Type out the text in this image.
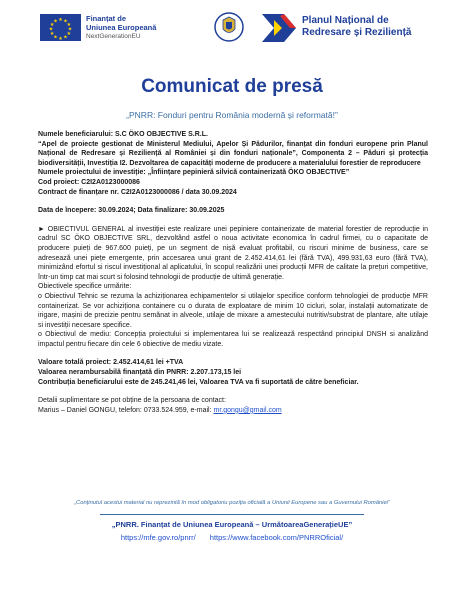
★ ★
★
★
★
★
★
★
★
★
★
★	Finanțat de
Uniunea Europeană
NextGenerationEU
Planul Național de
Redresare și Reziliență
Comunicat de presă
„PNRR: Fonduri pentru România modernă și reformată!”

Numele beneficiarului: S.C ÖKO OBJECTIVE S.R.L.

“Apel de proiecte gestionat de Ministerul Mediului, Apelor Și Pădurilor, finanțat din fonduri europene prin Planul Național de Redresare și Reziliență al României și din fonduri naționale”, Componenta 2 – Păduri și protecția biodiversității, Investiția I2. Dezvoltarea de capacități moderne de producere a materialului forestier de reproducere

Numele proiectului de investiție: „Înființare pepinieră silvică containerizată ÖKO OBJECTIVE”

Cod proiect: C2I2A0123000086

Contract de finanțare nr. C2I2A0123000086 / data 30.09.2024

Data de începere: 30.09.2024; Data finalizare: 30.09.2025

► OBIECTIVUL GENERAL al investiției este realizare unei pepiniere containerizate de material forestier de reproducție in cadrul SC ÖKO OBJECTIVE SRL, dezvoltând astfel o noua activitate economica în cadrul firmei, cu o capacitate de producere puieți de 967.600 puieți, pe un segment de nișă evaluat profitabil, cu riscuri minime de business, care se adresează unei piețe emergente, prin accesarea unui grant de 2.452.414,61 lei (fără TVA), 499.931,63 euro (fără TVA), minimizând efortul si riscul investițional al aplicatului, în scopul realizării unei producții MFR de calitate la prețuri competitive, într-un timp cat mai scurt si folosind tehnologii de producție de ultimă generație.

Obiectivele specifice urmărite:

o Obiectivul Tehnic se rezuma la achiziționarea echipamentelor si utilajelor specifice conform tehnologiei de producție MFR containerizat. Se vor achiziționa containere cu o durata de exploatare de minim 10 cicluri, solar, instalații automatizate de irigare, mașini de precizie pentru semănat in alveole, utilaje de mixare a amestecului nutritiv/substrat de plantare, alte utilaje si investiții necesare specifice.

o Obiectivul de mediu: Concepția proiectului si implementarea lui se realizează respectând principiul DNSH si analizând impactul pentru fiecare din cele 6 obiective de mediu vizate.

Valoare totală proiect: 2.452.414,61 lei +TVA

Valoarea nerambursabilă finanțată din PNRR: 2.207.173,15 lei

Contribuția beneficiarului este de 245.241,46 lei, Valoarea TVA va fi suportată de către beneficiar.

Detalii suplimentare se pot obține de la persoana de contact:

Marius – Daniel GONGU, telefon: 0733.524.959, e-mail: mr.gongu@gmail.com

„Conținutul acestui material nu reprezintă în mod obligatoriu poziția oficială a Uniunii Europene sau a Guvernului României”
„PNRR. Finanțat de Uniunea Europeană – UrmătoareaGenerațieUE”
https://mfe.gov.ro/pnrr/ https://www.facebook.com/PNRROficial/
